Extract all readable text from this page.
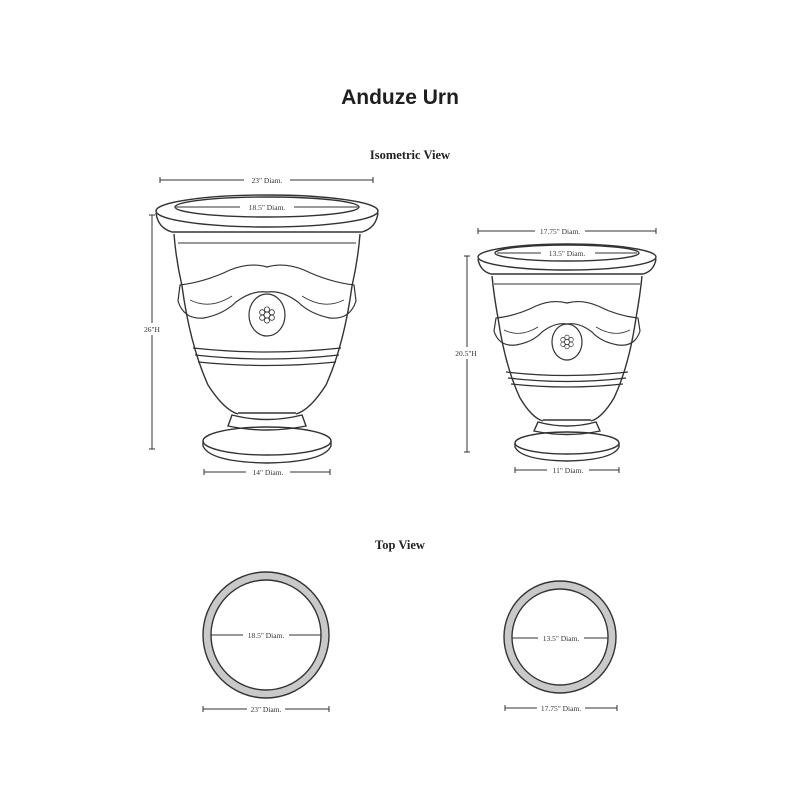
Anduze Urn
Isometric View
Top View
23" Diam.
18.5" Diam.
26"H
14" Diam.
17.75" Diam.
13.5" Diam.
20.5"H
11" Diam.
18.5" Diam.
23" Diam.
13.5" Diam.
17.75" Diam.
